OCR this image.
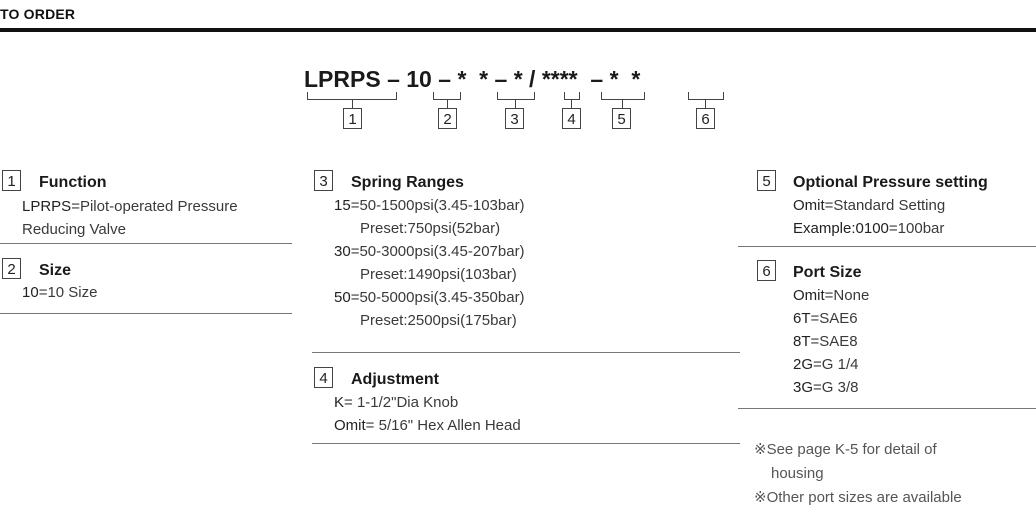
TO ORDER
LPRPS – 10 – * * – * / **** – * *
1	2	3	4	5	6
1	Function
LPRPS=Pilot-operated Pressure
Reducing Valve
2	Size
10=10 Size
3	Spring Ranges
15=50-1500psi(3.45-103bar)
Preset:750psi(52bar)
30=50-3000psi(3.45-207bar)
Preset:1490psi(103bar)
50=50-5000psi(3.45-350bar)
Preset:2500psi(175bar)
4	Adjustment
K= 1-1/2"Dia Knob
Omit= 5/16" Hex Allen Head
5	Optional Pressure setting
Omit=Standard Setting
Example:0100=100bar
6	Port Size
Omit=None
6T=SAE6
8T=SAE8
2G=G 1/4
3G=G 3/8
※See page K-5 for detail of
housing
※Other port sizes are available
